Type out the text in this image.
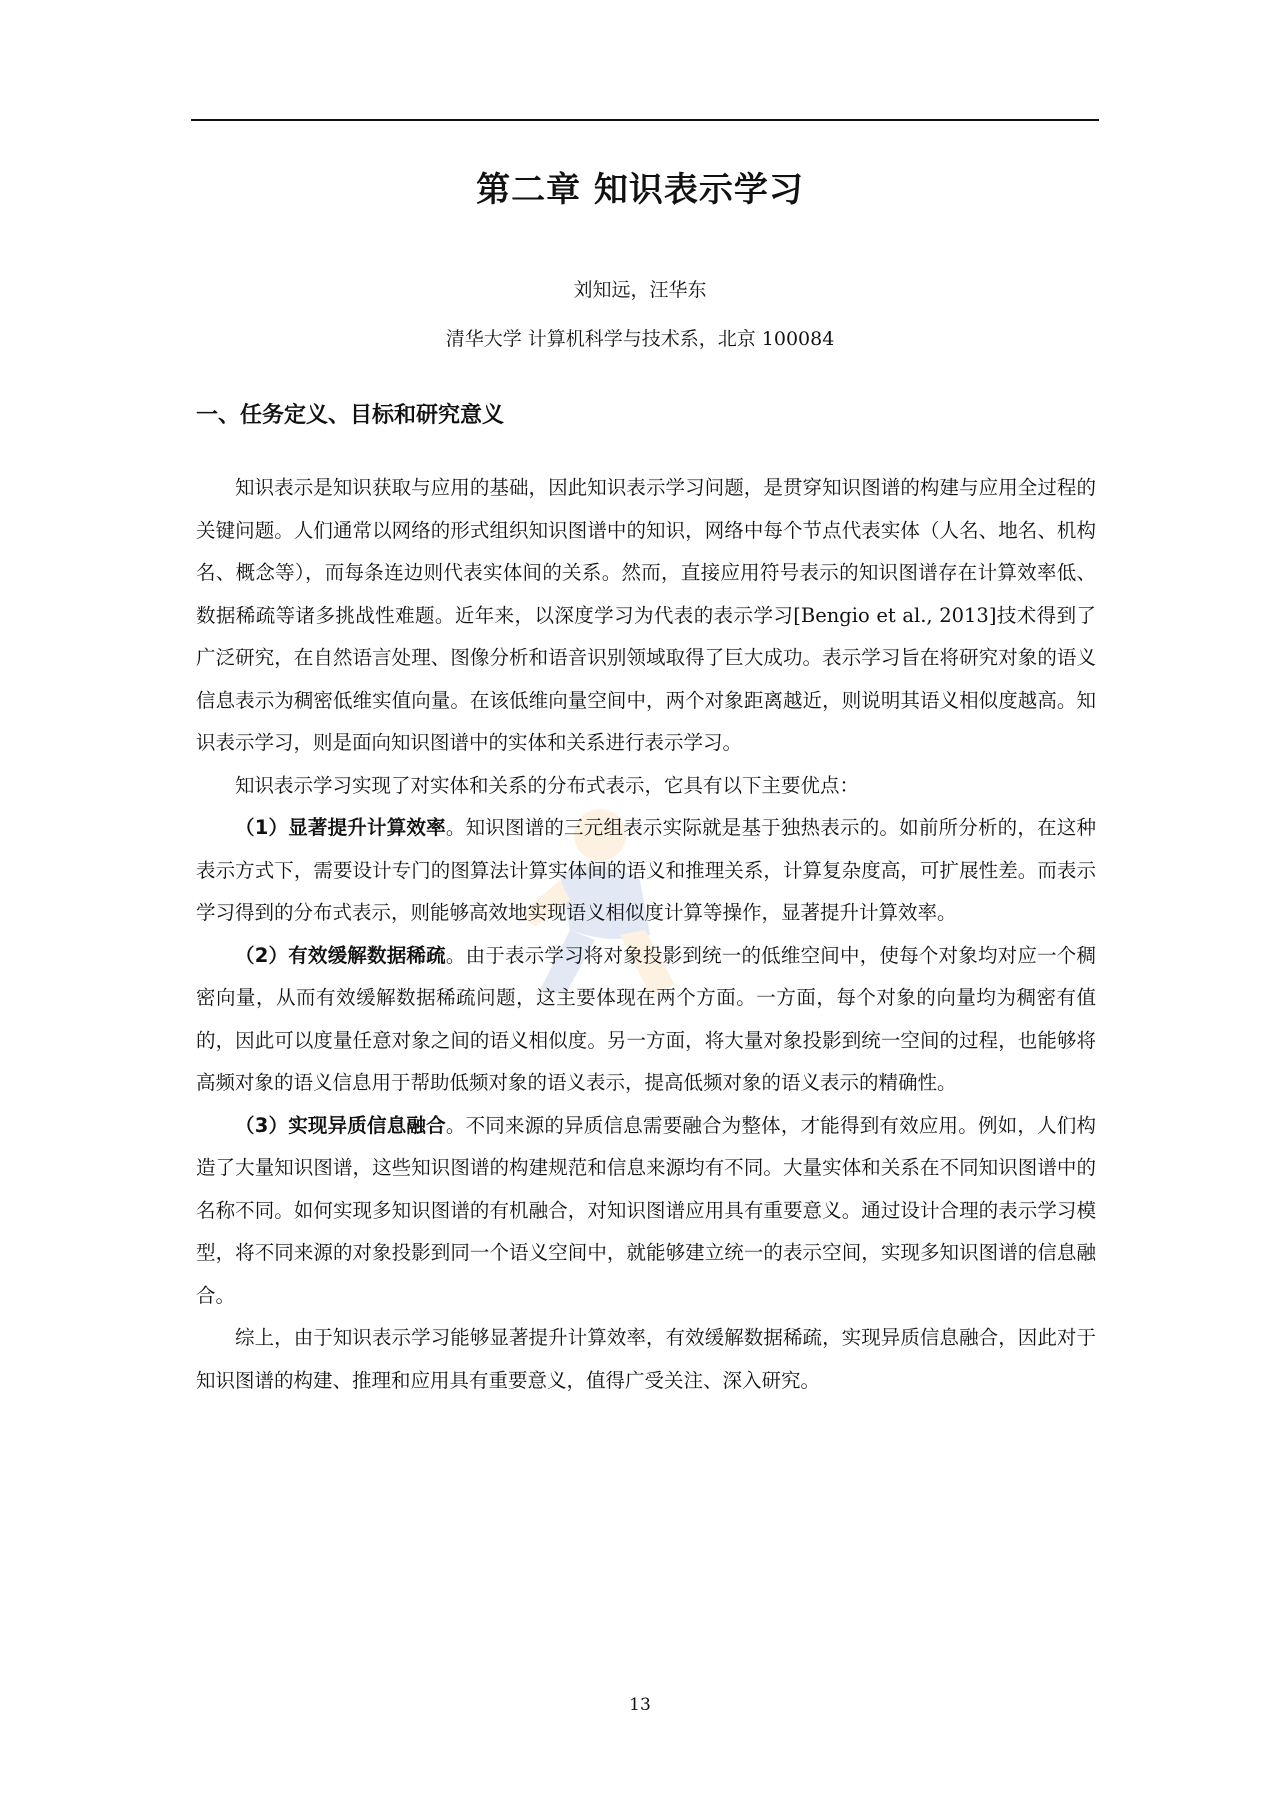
第二章 知识表示学习
刘知远，汪华东
清华大学 计算机科学与技术系，北京 100084
一、任务定义、目标和研究意义

知识表示是知识获取与应用的基础，因此知识表示学习问题，是贯穿知识图谱的构建与应用全过程的关键问题。人们通常以网络的形式组织知识图谱中的知识，网络中每个节点代表实体（人名、地名、机构名、概念等），而每条连边则代表实体间的关系。然而，直接应用符号表示的知识图谱存在计算效率低、数据稀疏等诸多挑战性难题。近年来，以深度学习为代表的表示学习[Bengio et al., 2013]技术得到了广泛研究，在自然语言处理、图像分析和语音识别领域取得了巨大成功。表示学习旨在将研究对象的语义信息表示为稠密低维实值向量。在该低维向量空间中，两个对象距离越近，则说明其语义相似度越高。知识表示学习，则是面向知识图谱中的实体和关系进行表示学习。

知识表示学习实现了对实体和关系的分布式表示，它具有以下主要优点：

（1）显著提升计算效率。知识图谱的三元组表示实际就是基于独热表示的。如前所分析的，在这种表示方式下，需要设计专门的图算法计算实体间的语义和推理关系，计算复杂度高，可扩展性差。而表示学习得到的分布式表示，则能够高效地实现语义相似度计算等操作，显著提升计算效率。

（2）有效缓解数据稀疏。由于表示学习将对象投影到统一的低维空间中，使每个对象均对应一个稠密向量，从而有效缓解数据稀疏问题，这主要体现在两个方面。一方面，每个对象的向量均为稠密有值的，因此可以度量任意对象之间的语义相似度。另一方面，将大量对象投影到统一空间的过程，也能够将高频对象的语义信息用于帮助低频对象的语义表示，提高低频对象的语义表示的精确性。

（3）实现异质信息融合。不同来源的异质信息需要融合为整体，才能得到有效应用。例如，人们构造了大量知识图谱，这些知识图谱的构建规范和信息来源均有不同。大量实体和关系在不同知识图谱中的名称不同。如何实现多知识图谱的有机融合，对知识图谱应用具有重要意义。通过设计合理的表示学习模型，将不同来源的对象投影到同一个语义空间中，就能够建立统一的表示空间，实现多知识图谱的信息融合。

综上，由于知识表示学习能够显著提升计算效率，有效缓解数据稀疏，实现异质信息融合，因此对于知识图谱的构建、推理和应用具有重要意义，值得广受关注、深入研究。

13
